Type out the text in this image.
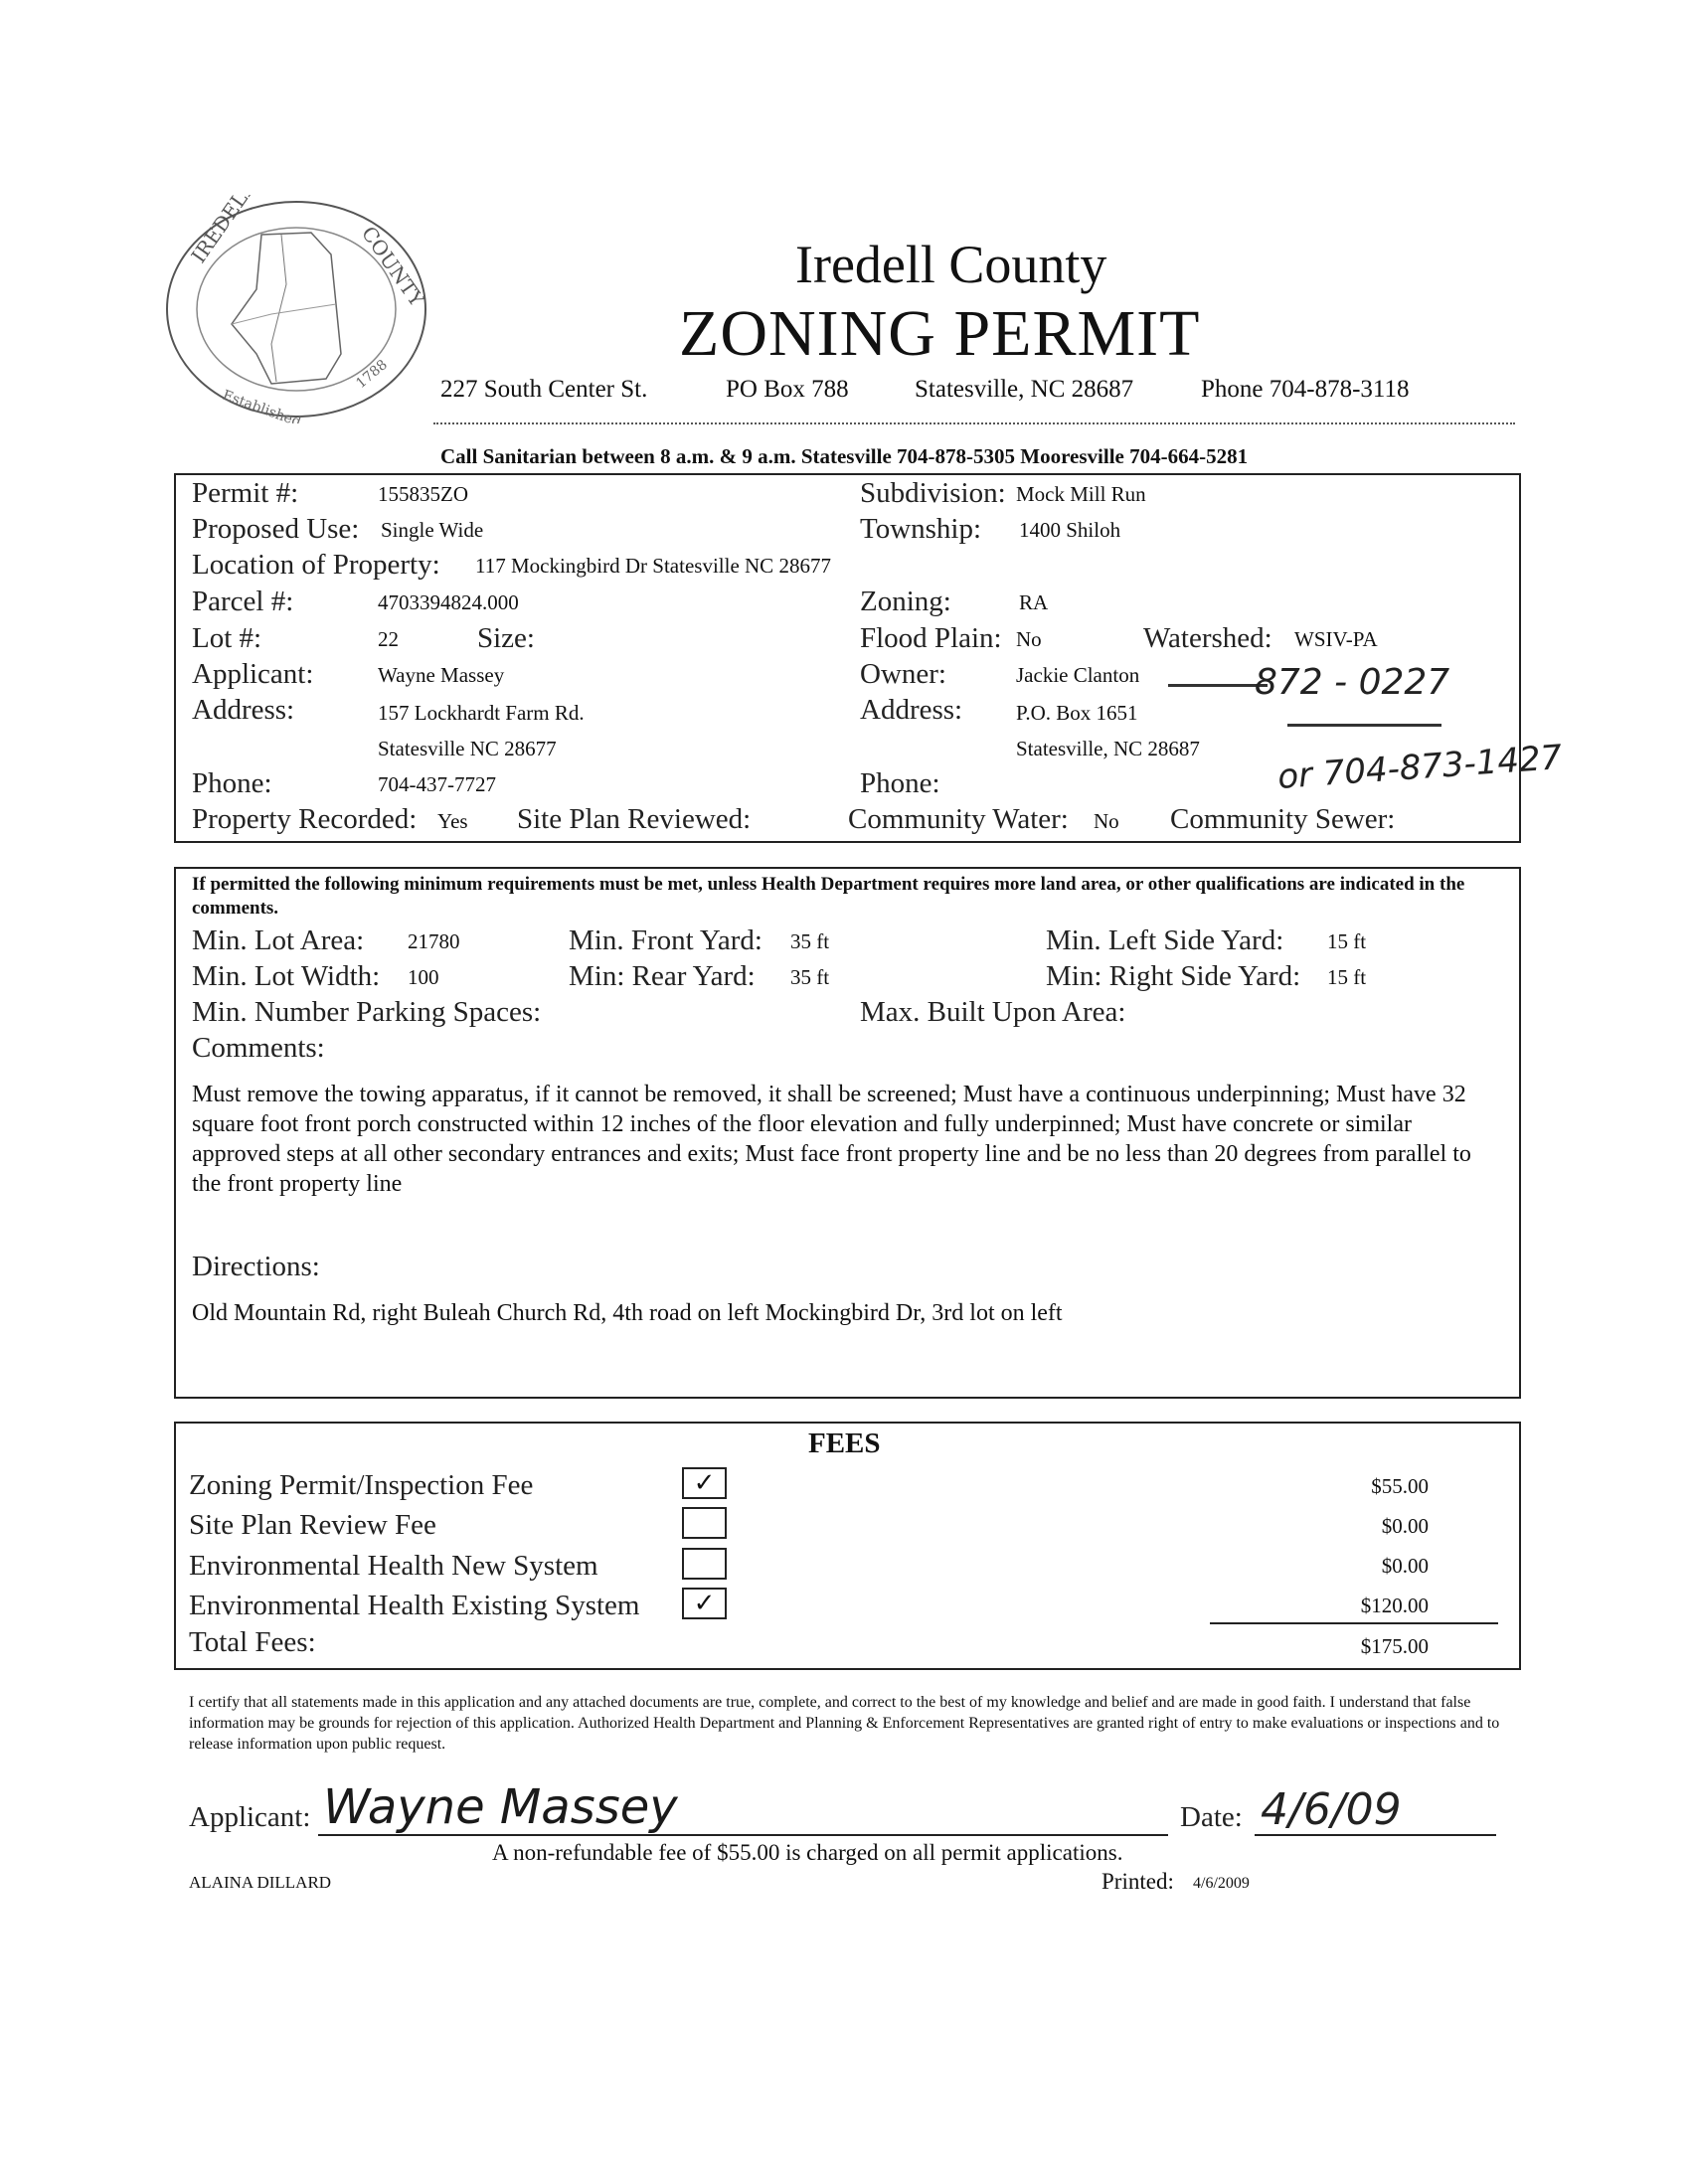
IREDELL	COUNTY
Established
1788
Iredell County
ZONING PERMIT
227 South Center St.	PO Box 788	Statesville, NC 28687	Phone 704-878-3118
Call Sanitarian between 8 a.m. & 9 a.m. Statesville 704-878-5305 Mooresville 704-664-5281
Permit #:	155835ZO	Subdivision: Mock Mill Run
Proposed Use: Single Wide	Township: 1400 Shiloh
Location of Property: 117 Mockingbird Dr Statesville NC 28677
Parcel #:	4703394824.000	Zoning:	RA
Lot #:	22	Size:	Flood Plain: No	Watershed: WSIV-PA
Applicant:	Wayne Massey	Owner:	Jackie Clanton	872 - 0227
Address:	157 Lockhardt Farm Rd.	Address:	P.O. Box 1651
Statesville NC 28677	Statesville, NC 28687 or 704-873-1427
Phone:	704-437-7727	Phone:
Property Recorded: Yes Site Plan Reviewed:	Community Water: No Community Sewer:
If permitted the following minimum requirements must be met, unless Health Department requires more land area, or other qualifications are indicated in the comments.
Min. Lot Area: 21780	Min. Front Yard: 35 ft	Min. Left Side Yard: 15 ft
Min. Lot Width: 100	Min: Rear Yard: 35 ft	Min: Right Side Yard: 15 ft
Min. Number Parking Spaces:	Max. Built Upon Area:
Comments:
Must remove the towing apparatus, if it cannot be removed, it shall be screened; Must have a continuous underpinning; Must have 32 square foot front porch constructed within 12 inches of the floor elevation and fully underpinned; Must have concrete or similar approved steps at all other secondary entrances and exits; Must face front property line and be no less than 20 degrees from parallel to the front property line
Directions:
Old Mountain Rd, right Buleah Church Rd, 4th road on left Mockingbird Dr, 3rd lot on left
FEES
Zoning Permit/Inspection Fee	✓	$55.00
Site Plan Review Fee	$0.00
Environmental Health New System	$0.00
Environmental Health Existing System	✓	$120.00
Total Fees:	$175.00
I certify that all statements made in this application and any attached documents are true, complete, and correct to the best of my knowledge and belief and are made in good faith. I understand that false information may be grounds for rejection of this application. Authorized Health Department and Planning & Enforcement Representatives are granted right of entry to make evaluations or inspections and to release information upon public request.
Applicant: Wayne Massey	Date: 4/6/09
A non-refundable fee of $55.00 is charged on all permit applications.
ALAINA DILLARD	Printed: 4/6/2009
